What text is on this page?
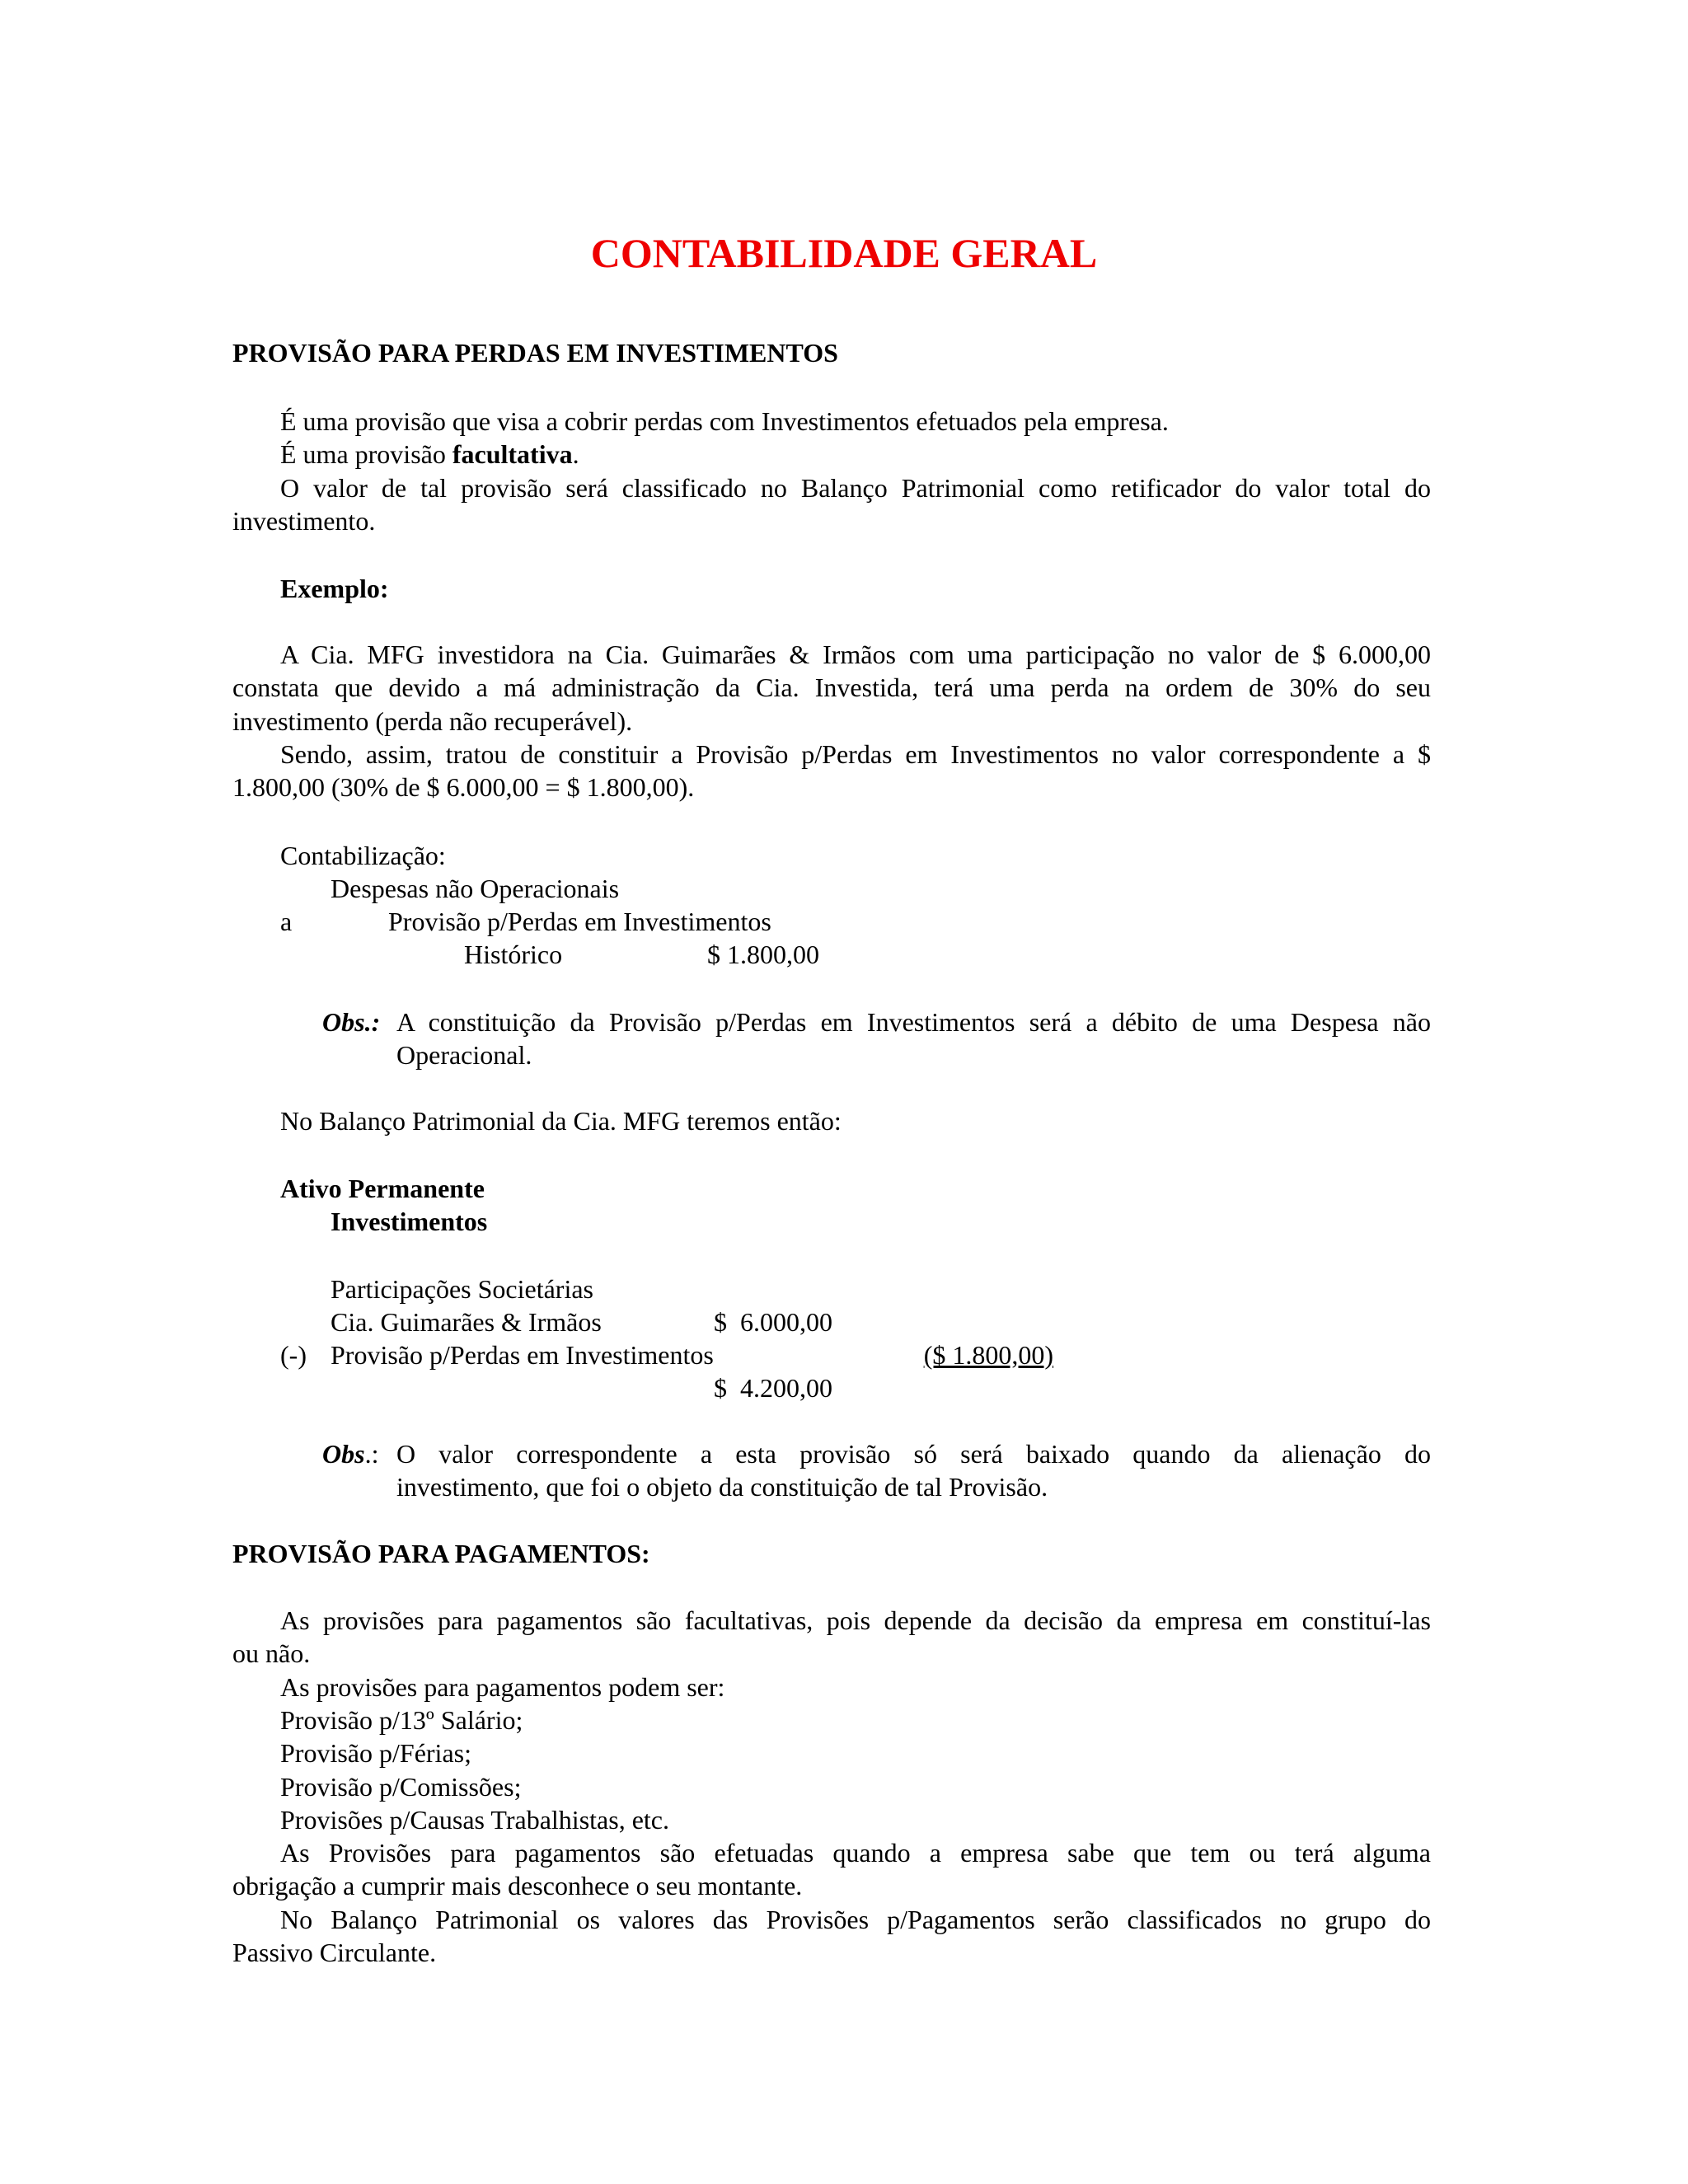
CONTABILIDADE GERAL
PROVISÃO PARA PERDAS EM INVESTIMENTOS
É uma provisão que visa a cobrir perdas com Investimentos efetuados pela empresa.
É uma provisão facultativa.
O valor de tal provisão será classificado no Balanço Patrimonial como retificador do valor total do
investimento.
Exemplo:
A Cia. MFG investidora na Cia. Guimarães & Irmãos com uma participação no valor de $ 6.000,00
constata que devido a má administração da Cia. Investida, terá uma perda na ordem de 30% do seu
investimento (perda não recuperável).
Sendo, assim, tratou de constituir a Provisão p/Perdas em Investimentos no valor correspondente a $
1.800,00 (30% de $ 6.000,00 = $ 1.800,00).
Contabilização:
Despesas não Operacionais
a	Provisão p/Perdas em Investimentos
Histórico	$ 1.800,00
Obs.: A constituição da Provisão p/Perdas em Investimentos será a débito de uma Despesa não
Operacional.
No Balanço Patrimonial da Cia. MFG teremos então:
Ativo Permanente
Investimentos
Participações Societárias
Cia. Guimarães & Irmãos	$  6.000,00
(-) Provisão p/Perdas em Investimentos	($ 1.800,00)
$  4.200,00
Obs.: O valor correspondente a esta provisão só será baixado quando da alienação do
investimento, que foi o objeto da constituição de tal Provisão.
PROVISÃO PARA PAGAMENTOS:
As provisões para pagamentos são facultativas, pois depende da decisão da empresa em constituí-las
ou não.
As provisões para pagamentos podem ser:
Provisão p/13º Salário;
Provisão p/Férias;
Provisão p/Comissões;
Provisões p/Causas Trabalhistas, etc.
As Provisões para pagamentos são efetuadas quando a empresa sabe que tem ou terá alguma
obrigação a cumprir mais desconhece o seu montante.
No Balanço Patrimonial os valores das Provisões p/Pagamentos serão classificados no grupo do
Passivo Circulante.
